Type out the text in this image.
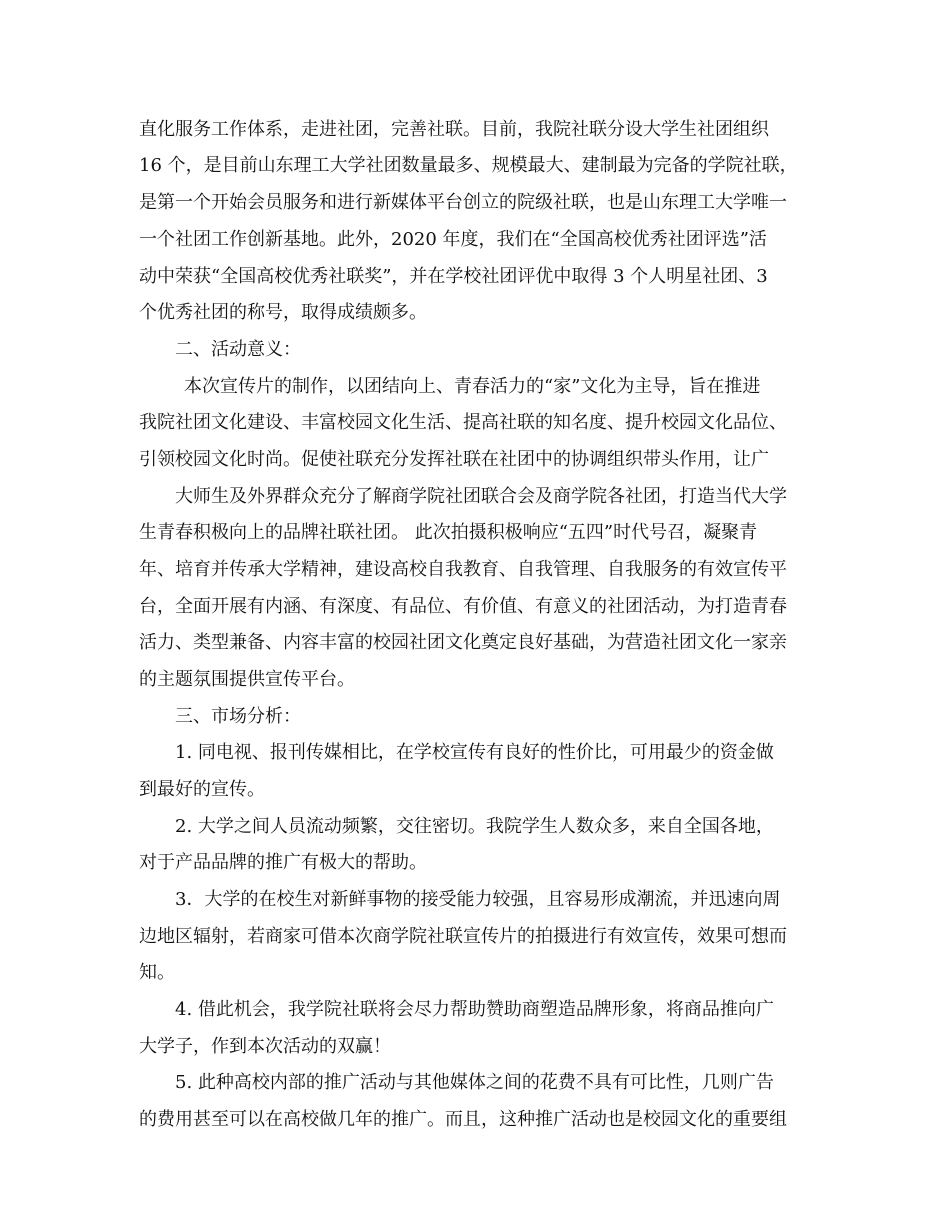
直化服务工作体系，走进社团，完善社联。目前，我院社联分设大学生社团组织
16 个，是目前山东理工大学社团数量最多、规模最大、建制最为完备的学院社联，
是第一个开始会员服务和进行新媒体平台创立的院级社联，也是山东理工大学唯一
一个社团工作创新基地。此外，2020 年度，我们在“全国高校优秀社团评选”活
动中荣获“全国高校优秀社联奖”，并在学校社团评优中取得 3 个人明星社团、3
个优秀社团的称号，取得成绩颇多。
二、活动意义：
本次宣传片的制作，以团结向上、青春活力的“家”文化为主导，旨在推进
我院社团文化建设、丰富校园文化生活、提高社联的知名度、提升校园文化品位、
引领校园文化时尚。促使社联充分发挥社联在社团中的协调组织带头作用，让广
大师生及外界群众充分了解商学院社团联合会及商学院各社团，打造当代大学
生青春积极向上的品牌社联社团。 此次拍摄积极响应“五四”时代号召，凝聚青
年、培育并传承大学精神，建设高校自我教育、自我管理、自我服务的有效宣传平
台，全面开展有内涵、有深度、有品位、有价值、有意义的社团活动，为打造青春
活力、类型兼备、内容丰富的校园社团文化奠定良好基础，为营造社团文化一家亲
的主题氛围提供宣传平台。
三、市场分析：
1. 同电视、报刊传媒相比，在学校宣传有良好的性价比，可用最少的资金做
到最好的宣传。
2. 大学之间人员流动频繁，交往密切。我院学生人数众多，来自全国各地，
对于产品品牌的推广有极大的帮助。
3．大学的在校生对新鲜事物的接受能力较强，且容易形成潮流，并迅速向周
边地区辐射，若商家可借本次商学院社联宣传片的拍摄进行有效宣传，效果可想而
知。
4. 借此机会，我学院社联将会尽力帮助赞助商塑造品牌形象，将商品推向广
大学子，作到本次活动的双赢！
5. 此种高校内部的推广活动与其他媒体之间的花费不具有可比性，几则广告
的费用甚至可以在高校做几年的推广。而且，这种推广活动也是校园文化的重要组
